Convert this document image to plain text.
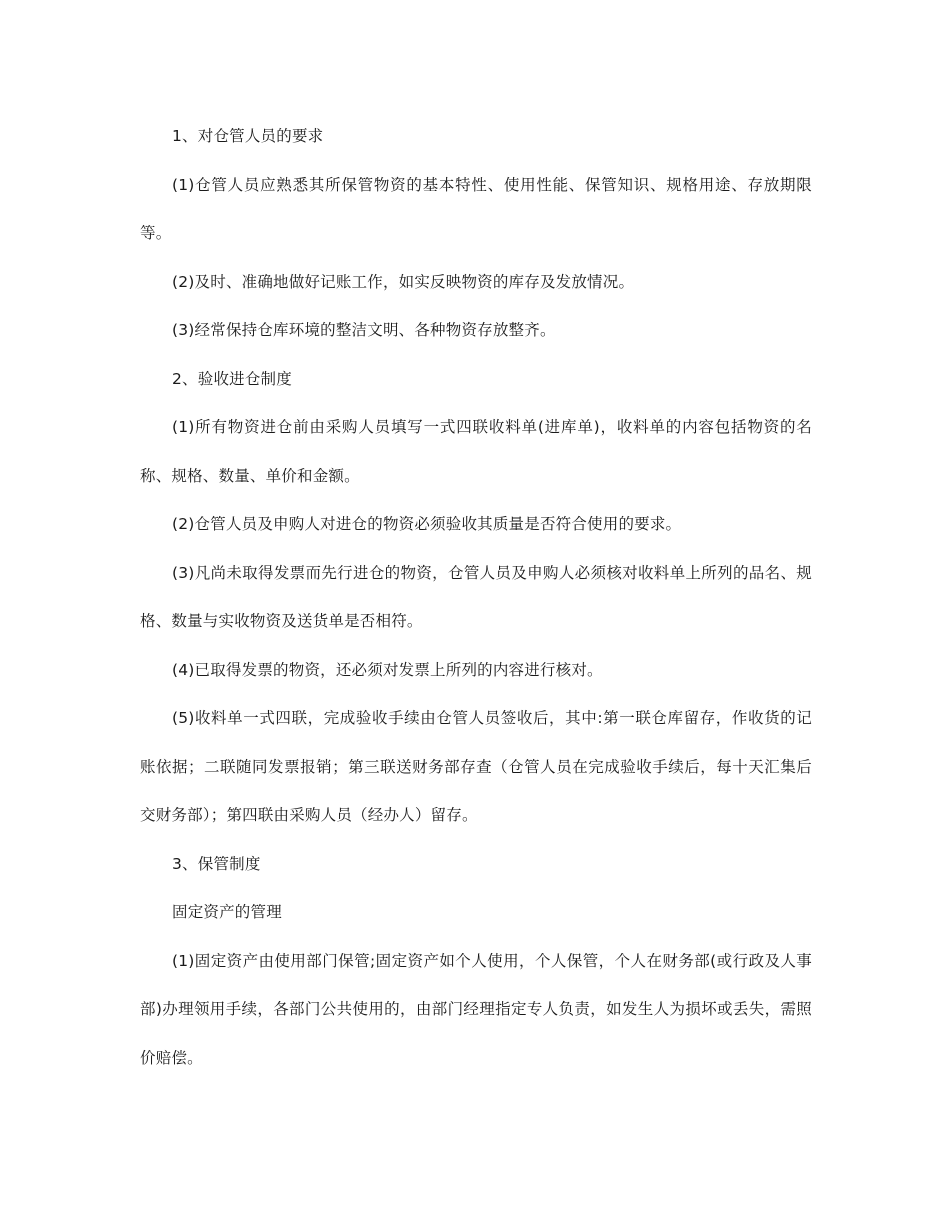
1、对仓管人员的要求

(1)仓管人员应熟悉其所保管物资的基本特性、使用性能、保管知识、规格用途、存放期限等。

(2)及时、准确地做好记账工作，如实反映物资的库存及发放情况。

(3)经常保持仓库环境的整洁文明、各种物资存放整齐。

2、验收进仓制度

(1)所有物资进仓前由采购人员填写一式四联收料单(进库单)，收料单的内容包括物资的名称、规格、数量、单价和金额。

(2)仓管人员及申购人对进仓的物资必须验收其质量是否符合使用的要求。

(3)凡尚未取得发票而先行进仓的物资，仓管人员及申购人必须核对收料单上所列的品名、规格、数量与实收物资及送货单是否相符。

(4)已取得发票的物资，还必须对发票上所列的内容进行核对。

(5)收料单一式四联，完成验收手续由仓管人员签收后，其中:第一联仓库留存，作收货的记账依据；二联随同发票报销；第三联送财务部存查（仓管人员在完成验收手续后，每十天汇集后交财务部）；第四联由采购人员（经办人）留存。

3、保管制度

固定资产的管理

(1)固定资产由使用部门保管;固定资产如个人使用，个人保管，个人在财务部(或行政及人事部)办理领用手续，各部门公共使用的，由部门经理指定专人负责，如发生人为损坏或丢失，需照价赔偿。
